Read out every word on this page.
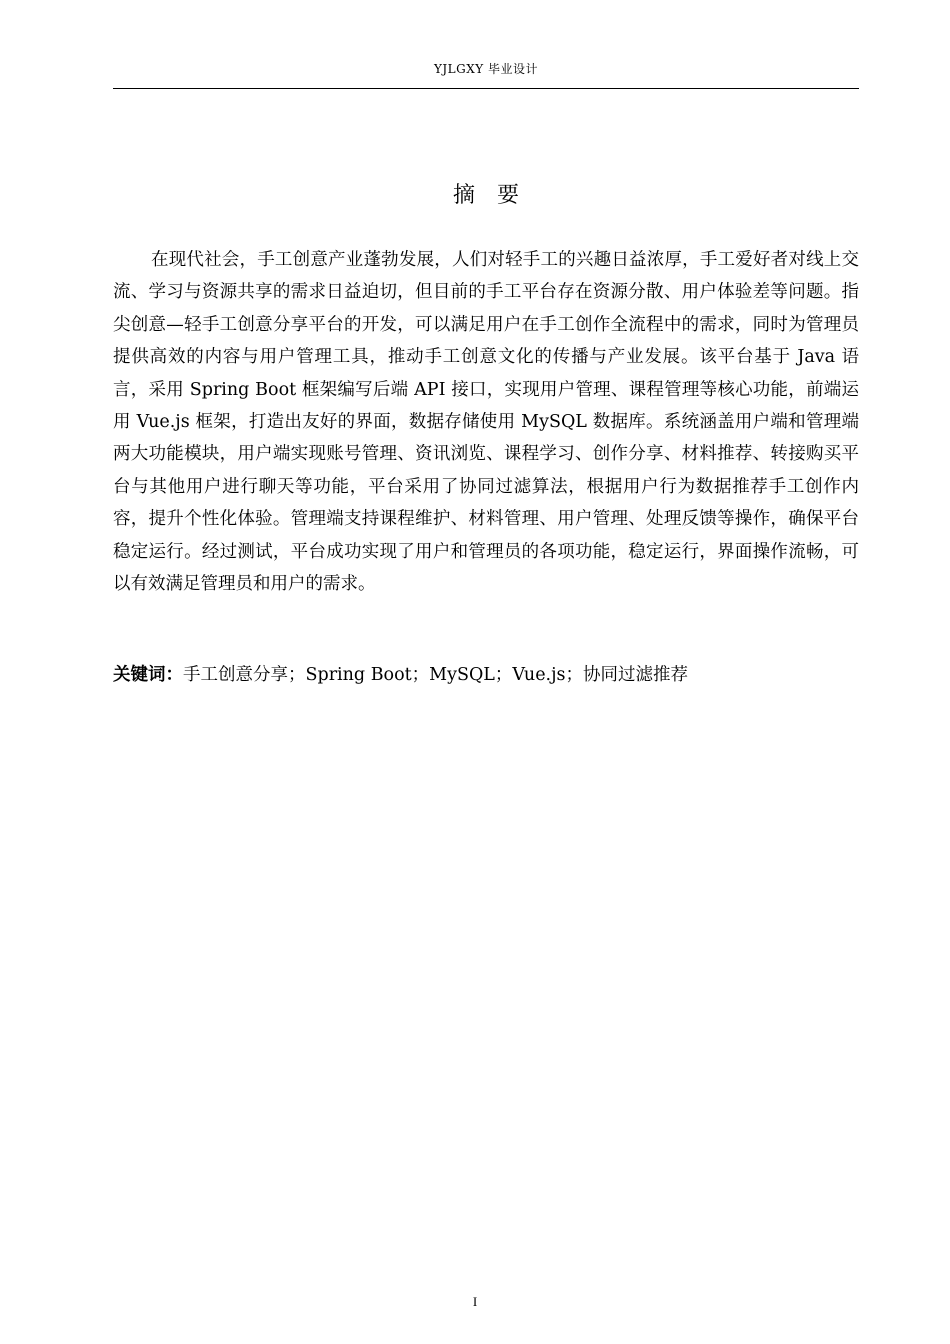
YJLGXY 毕业设计
摘要

在现代社会，手工创意产业蓬勃发展，人们对轻手工的兴趣日益浓厚，手工爱好者对线上交流、学习与资源共享的需求日益迫切，但目前的手工平台存在资源分散、用户体验差等问题。指尖创意—轻手工创意分享平台的开发，可以满足用户在手工创作全流程中的需求，同时为管理员提供高效的内容与用户管理工具，推动手工创意文化的传播与产业发展。该平台基于 Java 语言，采用 Spring Boot 框架编写后端 API 接口，实现用户管理、课程管理等核心功能，前端运用 Vue.js 框架，打造出友好的界面，数据存储使用 MySQL 数据库。系统涵盖用户端和管理端两大功能模块，用户端实现账号管理、资讯浏览、课程学习、创作分享、材料推荐、转接购买平台与其他用户进行聊天等功能，平台采用了协同过滤算法，根据用户行为数据推荐手工创作内容，提升个性化体验。管理端支持课程维护、材料管理、用户管理、处理反馈等操作，确保平台稳定运行。经过测试，平台成功实现了用户和管理员的各项功能，稳定运行，界面操作流畅，可以有效满足管理员和用户的需求。

关键词：手工创意分享；Spring Boot；MySQL；Vue.js；协同过滤推荐
I
